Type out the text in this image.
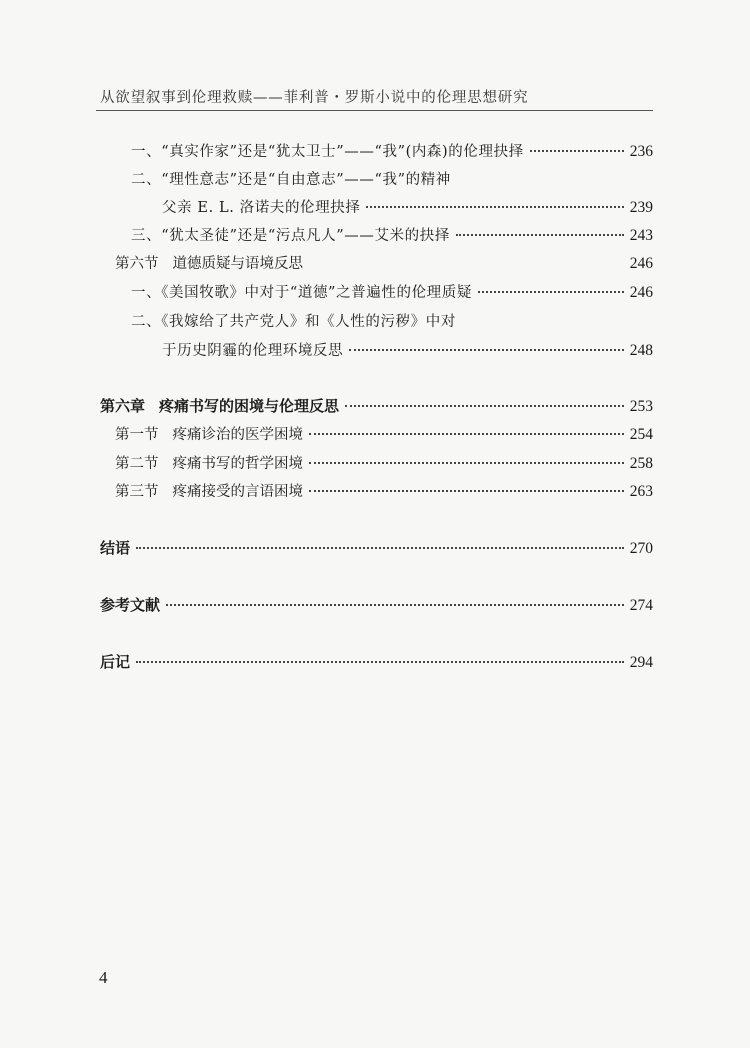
从欲望叙事到伦理救赎——菲利普・罗斯小说中的伦理思想研究
一、“真实作家”还是“犹太卫士”——“我”(内森)的伦理抉择	236
二、“理性意志”还是“自由意志”——“我”的精神
父亲 E. L. 洛诺夫的伦理抉择	239
三、“犹太圣徒”还是“污点凡人”——艾米的抉择	243
第六节 道德质疑与语境反思	246
一、《美国牧歌》中对于“道德”之普遍性的伦理质疑	246
二、《我嫁给了共产党人》和《人性的污秽》中对
于历史阴霾的伦理环境反思	248
第六章 疼痛书写的困境与伦理反思	253
第一节 疼痛诊治的医学困境	254
第二节 疼痛书写的哲学困境	258
第三节 疼痛接受的言语困境	263
结语	270
参考文献	274
后记	294
4
